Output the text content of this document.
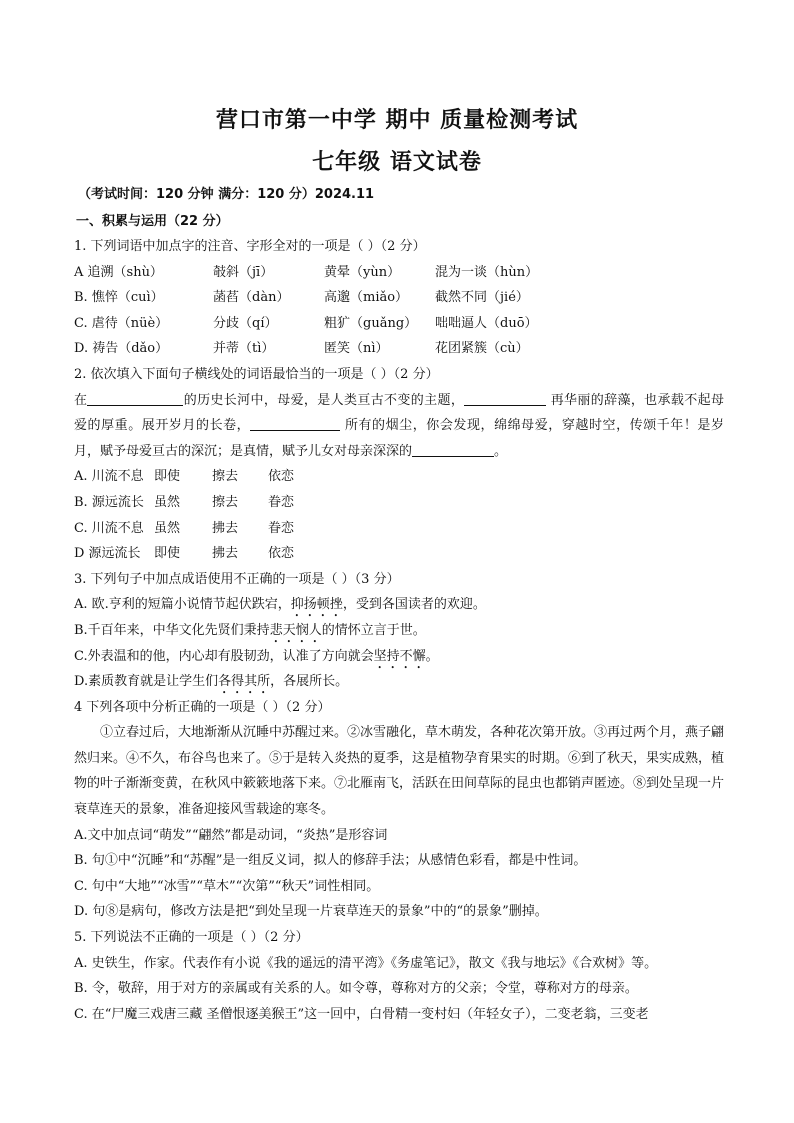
营口市第一中学 期中 质量检测考试
七年级 语文试卷
（考试时间：120 分钟 满分：120 分）2024.11
一、积累与运用（22 分）
1. 下列词语中加点字的注音、字形全对的一项是（ ）（2 分）
A 追溯（shù）	攲斜（jī）	黄晕（yùn）	混为一谈（hùn）
B. 憔悴（cuì）	菡萏（dàn）	高邈（miǎo）	截然不同（jié）
C. 虐待（nüè）	分歧（qí）	粗犷（guǎng）	咄咄逼人（duō）
D. 祷告（dǎo）	并蒂（tì）	匿笑（nì）	花团紧簇（cù）
2. 依次填入下面句子横线处的词语最恰当的一项是（ ）（2 分）
在	的历史长河中，母爱，是人类亘古不变的主题，	再华丽的辞藻，也承载不起母爱的厚重。展开岁月的长卷，	所有的烟尘，你会发现，绵绵母爱，穿越时空，传颂千年！是岁月，赋予母爱亘古的深沉；是真情，赋予儿女对母亲深深的	。
A. 川流不息 即使	擦去	依恋
B. 源远流长 虽然	擦去	眷恋
C. 川流不息 虽然	拂去	眷恋
D 源远流长	即使	拂去	依恋
3. 下列句子中加点成语使用不正确的一项是（ ）（3 分）
A. 欧.亨利的短篇小说情节起伏跌宕，抑扬顿挫，受到各国读者的欢迎。
B.千百年来，中华文化先贤们秉持悲天悯人的情怀立言于世。
C.外表温和的他，内心却有股韧劲，认准了方向就会坚持不懈。
D.素质教育就是让学生们各得其所，各展所长。
4 下列各项中分析正确的一项是（ ）（2 分）
①立春过后，大地渐渐从沉睡中苏醒过来。②冰雪融化，草木萌发，各种花次第开放。③再过两个月，燕子翩然归来。④不久，布谷鸟也来了。⑤于是转入炎热的夏季，这是植物孕育果实的时期。⑥到了秋天，果实成熟，植物的叶子渐渐变黄，在秋风中簌簌地落下来。⑦北雁南飞，活跃在田间草际的昆虫也都销声匿迹。⑧到处呈现一片衰草连天的景象，准备迎接风雪载途的寒冬。
A.文中加点词“萌发”“翩然”都是动词，“炎热”是形容词
B. 句①中“沉睡”和“苏醒”是一组反义词，拟人的修辞手法；从感情色彩看，都是中性词。
C. 句中“大地”“冰雪”“草木”“次第”“秋天”词性相同。
D. 句⑧是病句，修改方法是把“到处呈现一片衰草连天的景象”中的“的景象”删掉。
5. 下列说法不正确的一项是（ ）（2 分）
A. 史铁生，作家。代表作有小说《我的遥远的清平湾》《务虚笔记》，散文《我与地坛》《合欢树》等。
B. 令，敬辞，用于对方的亲属或有关系的人。如令尊，尊称对方的父亲；令堂，尊称对方的母亲。
C. 在“尸魔三戏唐三藏 圣僧恨逐美猴王”这一回中，白骨精一变村妇（年轻女子），二变老翁，三变老
